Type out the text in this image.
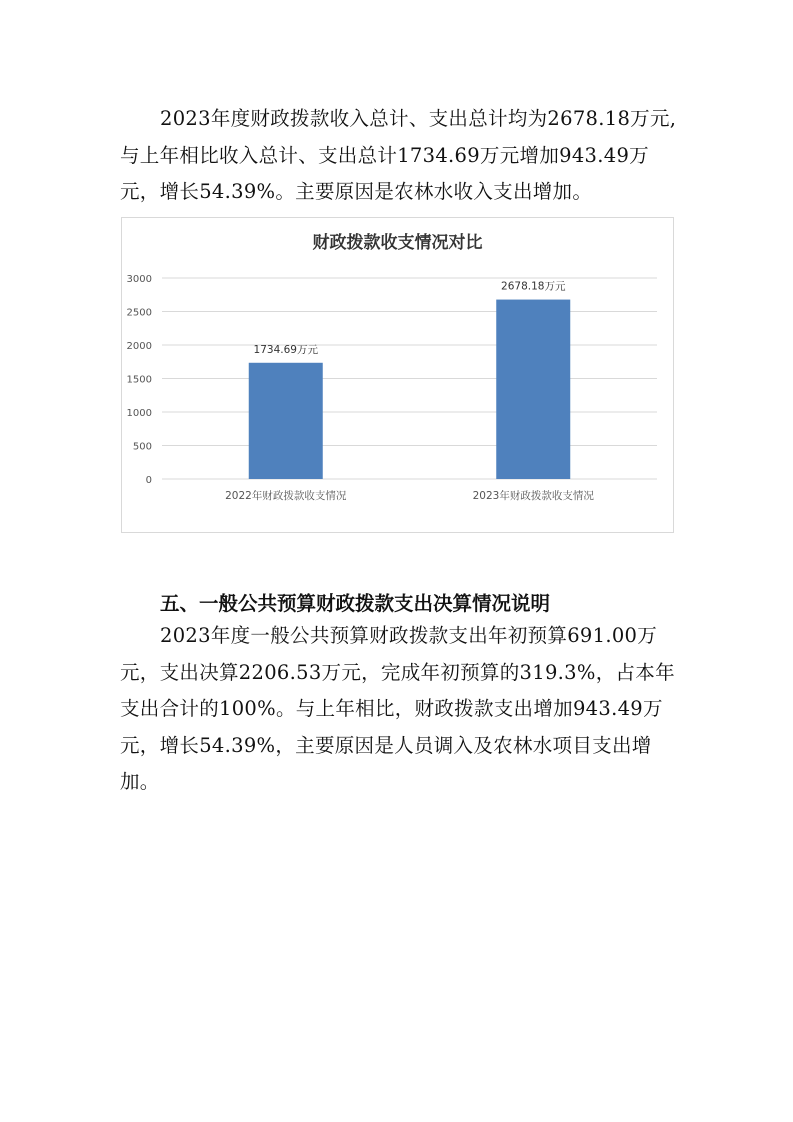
2023年度财政拨款收入总计、支出总计均为2678.18万元,与上年相比收入总计、支出总计1734.69万元增加943.49万元，增长54.39%。主要原因是农林水收入支出增加。

财政拨款收支情况对比
0
500
1000
1500
2000
2500
3000
1734.69万元
2678.18万元
2022年财政拨款收支情况	2023年财政拨款收支情况

五、一般公共预算财政拨款支出决算情况说明

2023年度一般公共预算财政拨款支出年初预算691.00万元，支出决算2206.53万元，完成年初预算的319.3%，占本年支出合计的100%。与上年相比，财政拨款支出增加943.49万元，增长54.39%，主要原因是人员调入及农林水项目支出增加。
